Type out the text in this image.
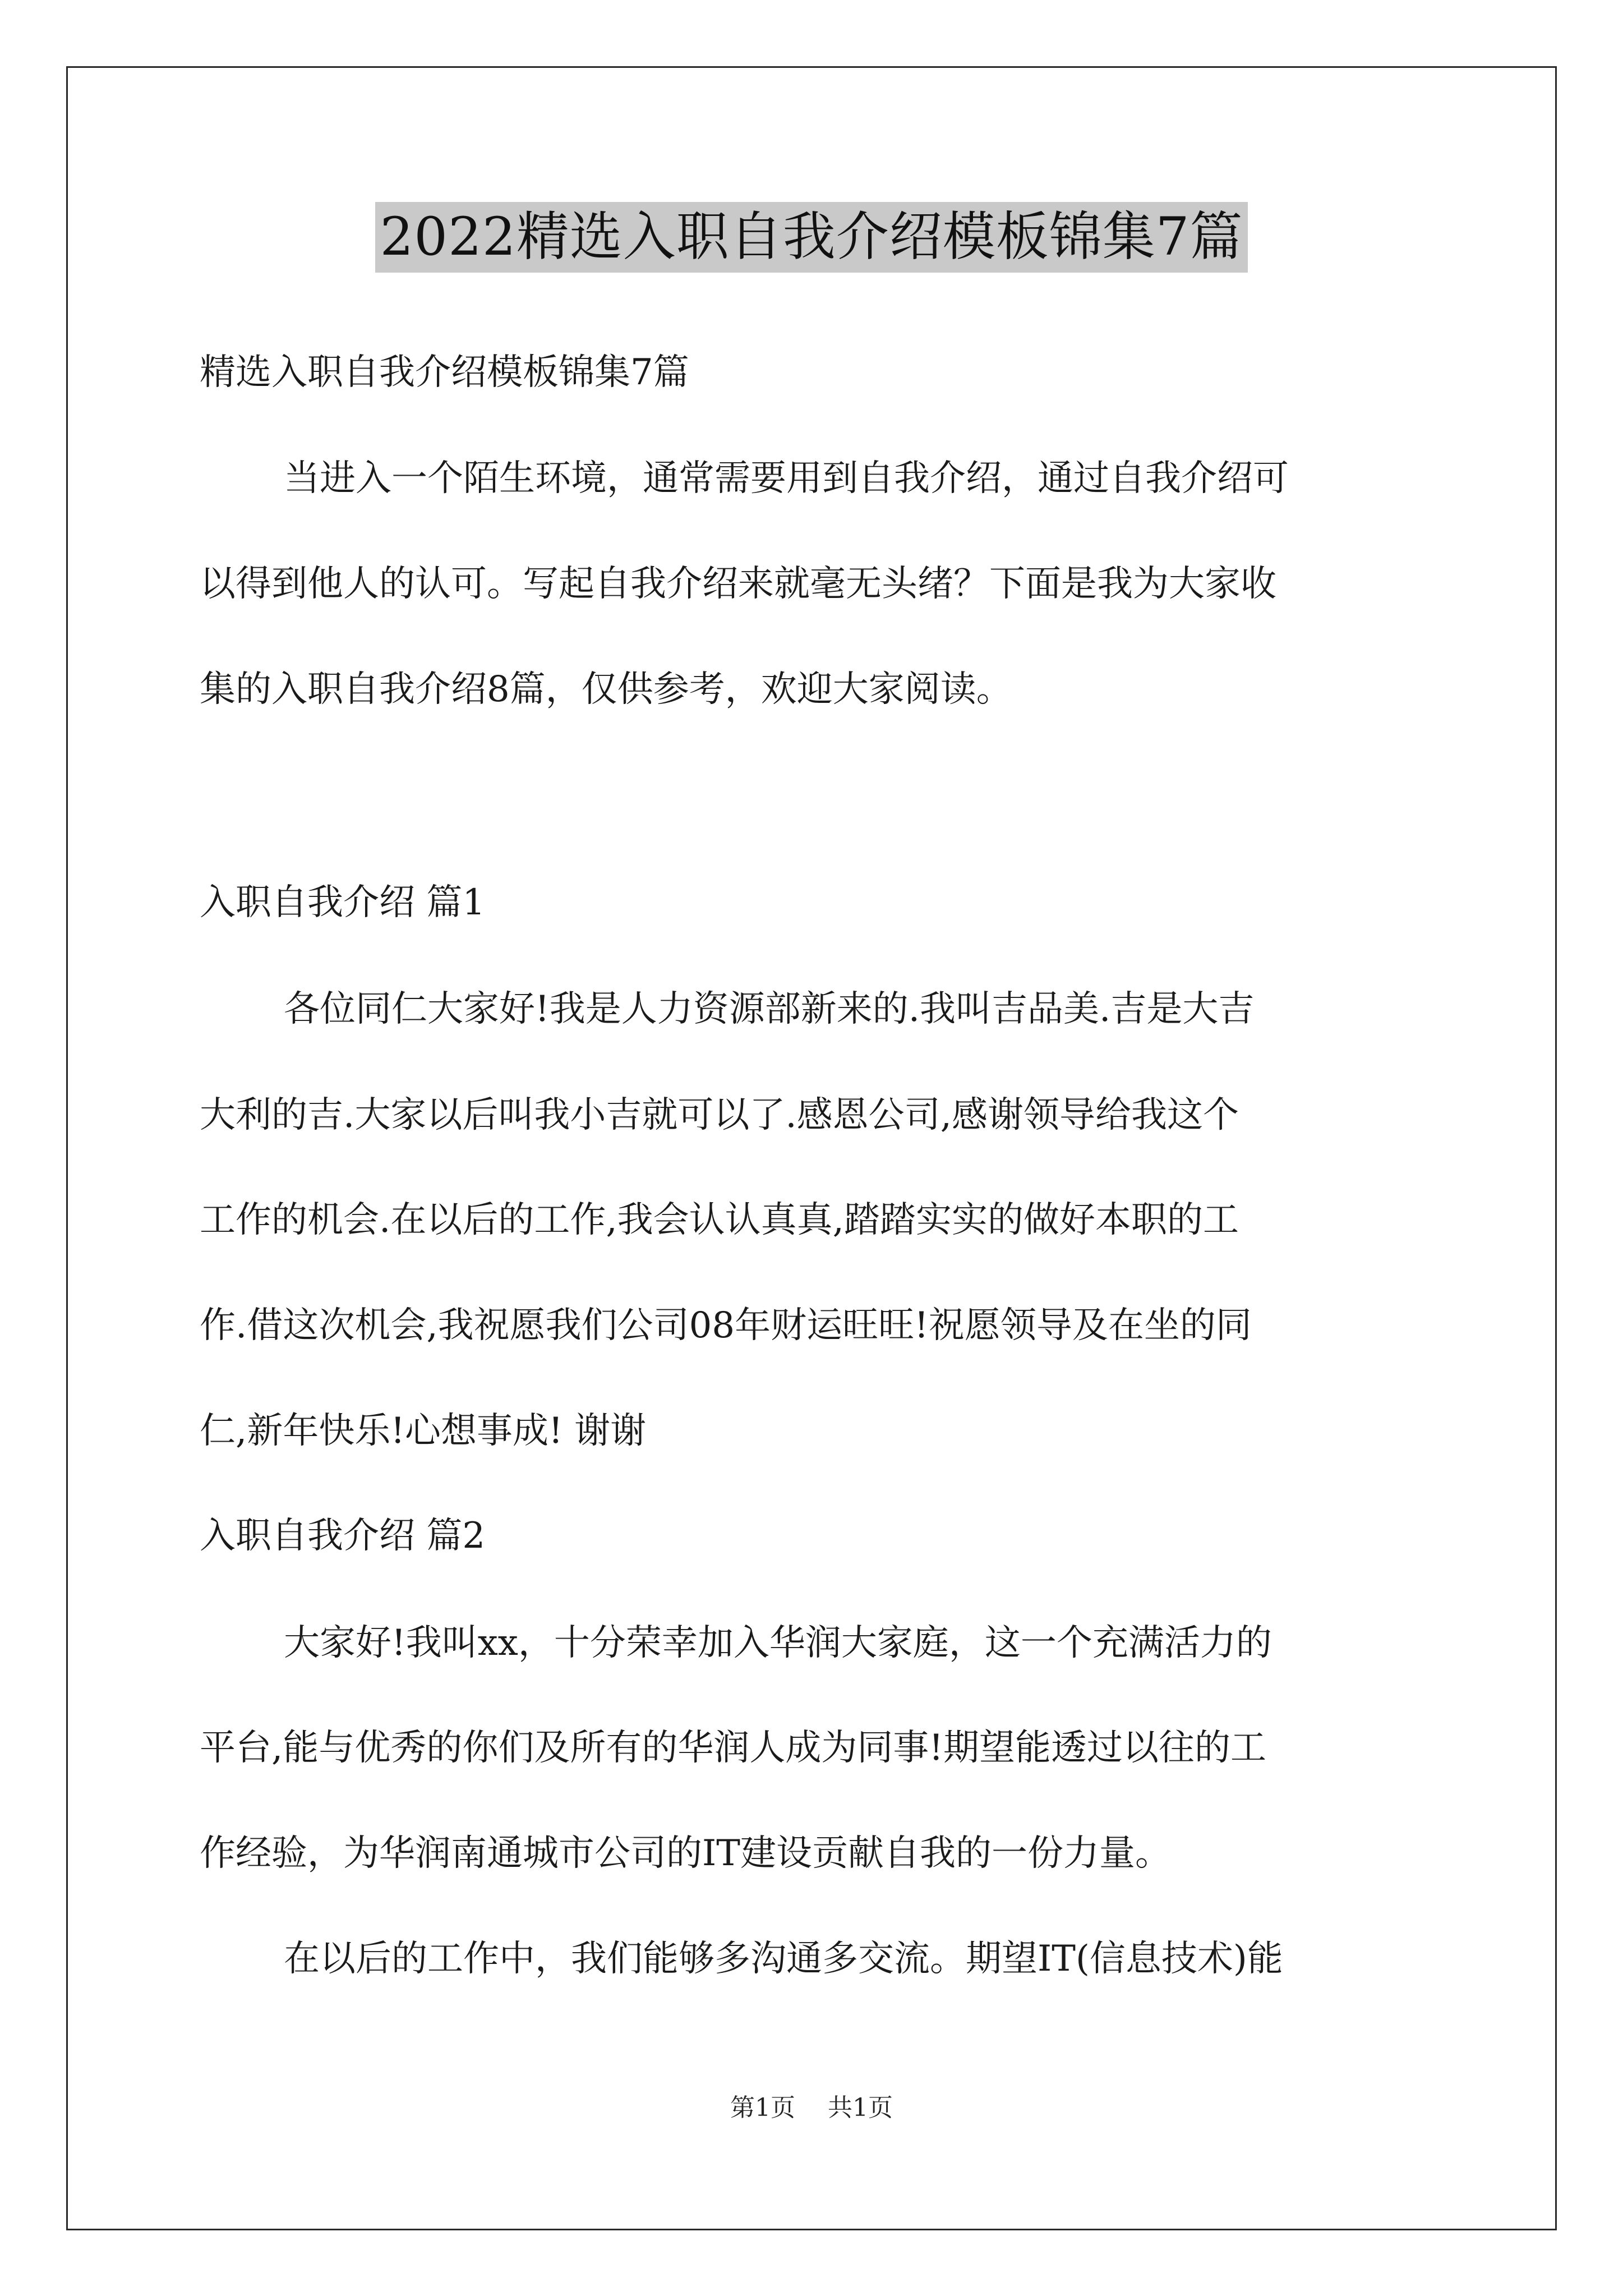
2022精选入职自我介绍模板锦集7篇
精选入职自我介绍模板锦集7篇
当进入一个陌生环境，通常需要用到自我介绍，通过自我介绍可
以得到他人的认可。写起自我介绍来就毫无头绪？下面是我为大家收
集的入职自我介绍8篇，仅供参考，欢迎大家阅读。
入职自我介绍 篇1
各位同仁大家好!我是人力资源部新来的.我叫吉品美.吉是大吉
大利的吉.大家以后叫我小吉就可以了.感恩公司,感谢领导给我这个
工作的机会.在以后的工作,我会认认真真,踏踏实实的做好本职的工
作.借这次机会,我祝愿我们公司08年财运旺旺!祝愿领导及在坐的同
仁,新年快乐!心想事成! 谢谢
入职自我介绍 篇2
大家好!我叫xx，十分荣幸加入华润大家庭，这一个充满活力的
平台,能与优秀的你们及所有的华润人成为同事!期望能透过以往的工
作经验，为华润南通城市公司的IT建设贡献自我的一份力量。
在以后的工作中，我们能够多沟通多交流。期望IT(信息技术)能
第1页 共1页
